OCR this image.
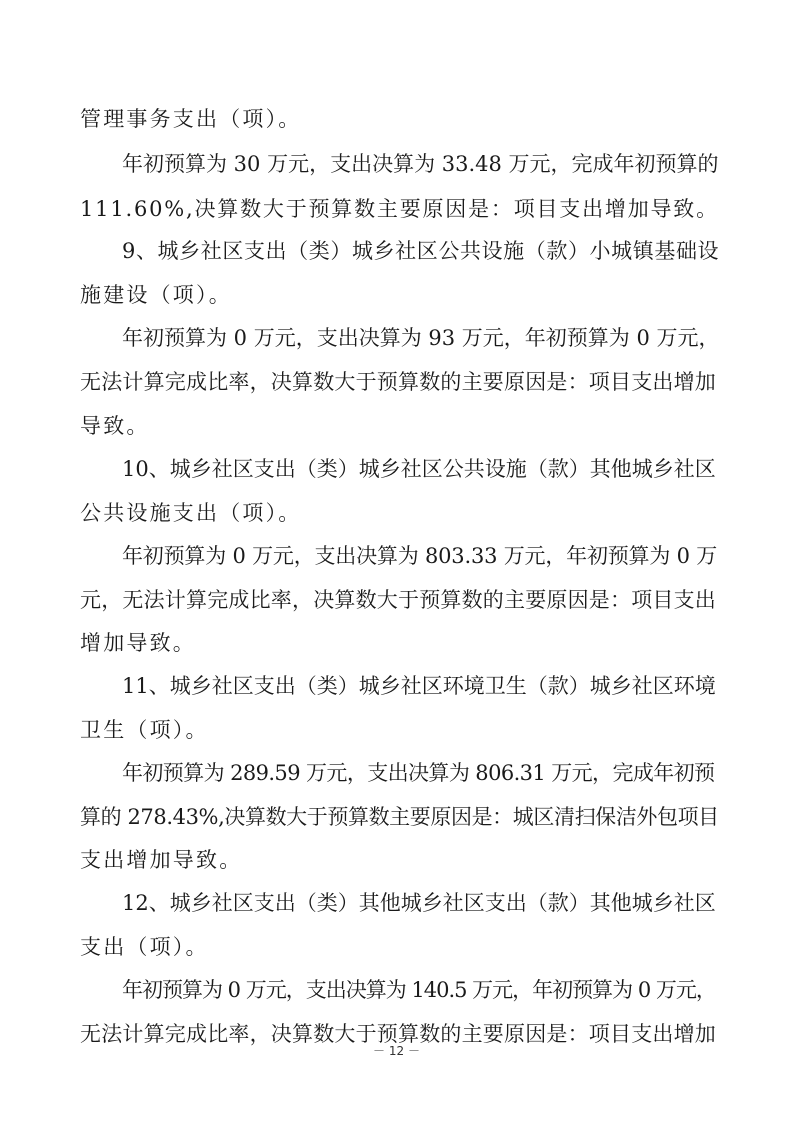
管理事务支出（项）。
年初预算为 30 万元，支出决算为 33.48 万元，完成年初预算的
111.60%,决算数大于预算数主要原因是：项目支出增加导致。
9、城乡社区支出（类）城乡社区公共设施（款）小城镇基础设
施建设（项）。
年初预算为 0 万元，支出决算为 93 万元，年初预算为 0 万元，
无法计算完成比率，决算数大于预算数的主要原因是：项目支出增加
导致。
10、城乡社区支出（类）城乡社区公共设施（款）其他城乡社区
公共设施支出（项）。
年初预算为 0 万元，支出决算为 803.33 万元，年初预算为 0 万
元，无法计算完成比率，决算数大于预算数的主要原因是：项目支出
增加导致。
11、城乡社区支出（类）城乡社区环境卫生（款）城乡社区环境
卫生（项）。
年初预算为 289.59 万元，支出决算为 806.31 万元，完成年初预
算的 278.43%,决算数大于预算数主要原因是：城区清扫保洁外包项目
支出增加导致。
12、城乡社区支出（类）其他城乡社区支出（款）其他城乡社区
支出（项）。
年初预算为 0 万元，支出决算为 140.5 万元，年初预算为 0 万元，
无法计算完成比率，决算数大于预算数的主要原因是：项目支出增加
－ 12 －
